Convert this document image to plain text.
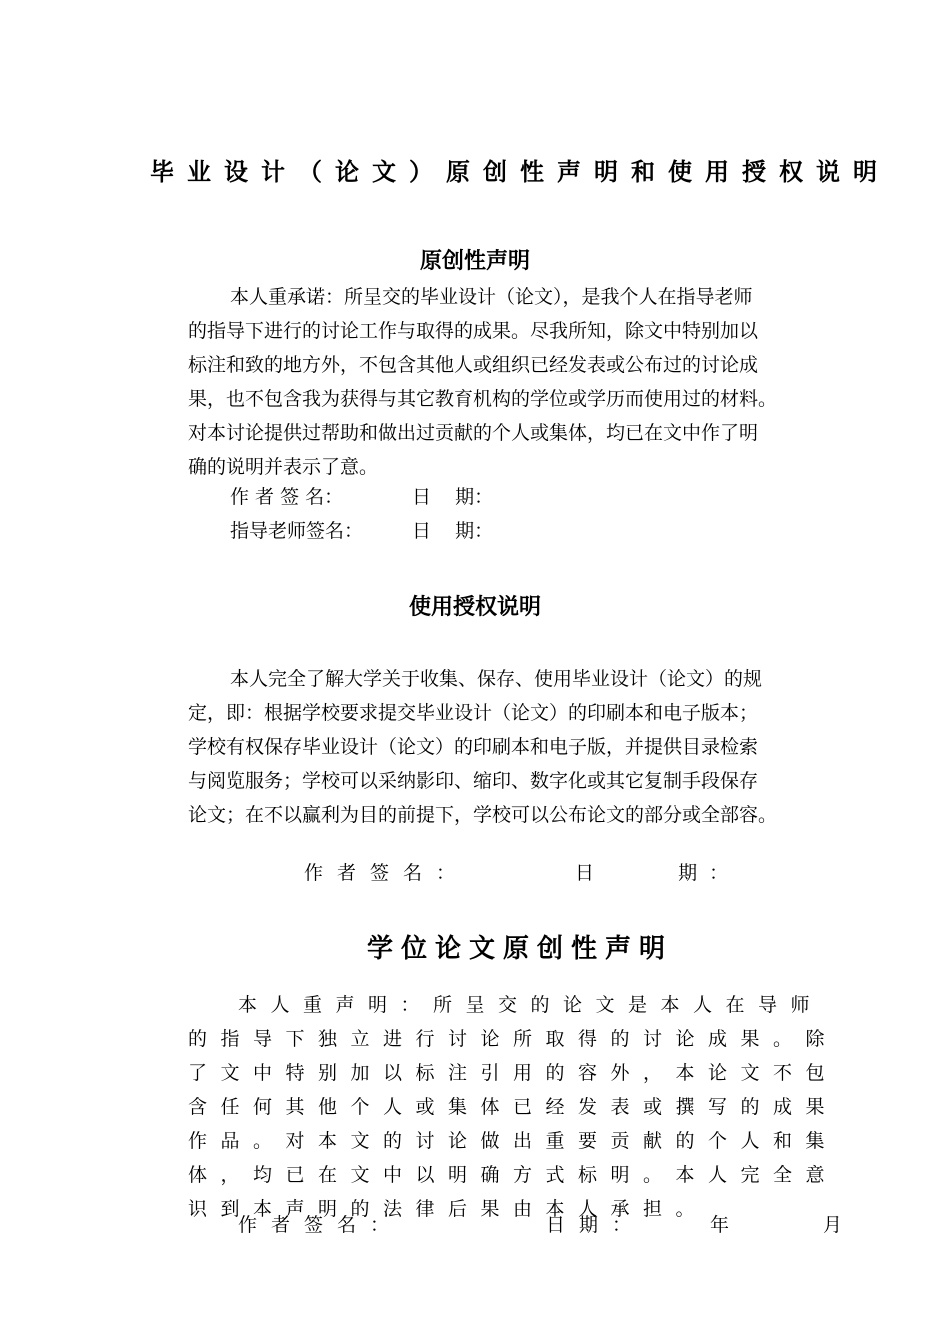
毕业设计（论文）原创性声明和使用授权说明
原创性声明
本人重承诺：所呈交的毕业设计（论文），是我个人在指导老师
的指导下进行的讨论工作与取得的成果。尽我所知，除文中特别加以
标注和致的地方外，不包含其他人或组织已经发表或公布过的讨论成
果，也不包含我为获得与其它教育机构的学位或学历而使用过的材料。
对本讨论提供过帮助和做出过贡献的个人或集体，均已在文中作了明
确的说明并表示了意。
作 者 签 名：	日    期：
指导老师签名：	日    期：
使用授权说明
本人完全了解大学关于收集、保存、使用毕业设计（论文）的规
定，即：根据学校要求提交毕业设计（论文）的印刷本和电子版本；
学校有权保存毕业设计（论文）的印刷本和电子版，并提供目录检索
与阅览服务；学校可以采纳影印、缩印、数字化或其它复制手段保存
论文；在不以赢利为目的前提下，学校可以公布论文的部分或全部容。
作者签名：	日    期：
学位论文原创性声明
本人重声明：所呈交的论文是本人在导师
的指导下独立进行讨论所取得的讨论成果。除
了文中特别加以标注引用的容外，本论文不包
含任何其他个人或集体已经发表或撰写的成果
作品。对本文的讨论做出重要贡献的个人和集
体，均已在文中以明确方式标明。本人完全意
识到本声明的法律后果由本人承担。
作者签名：	日期：	年	月
